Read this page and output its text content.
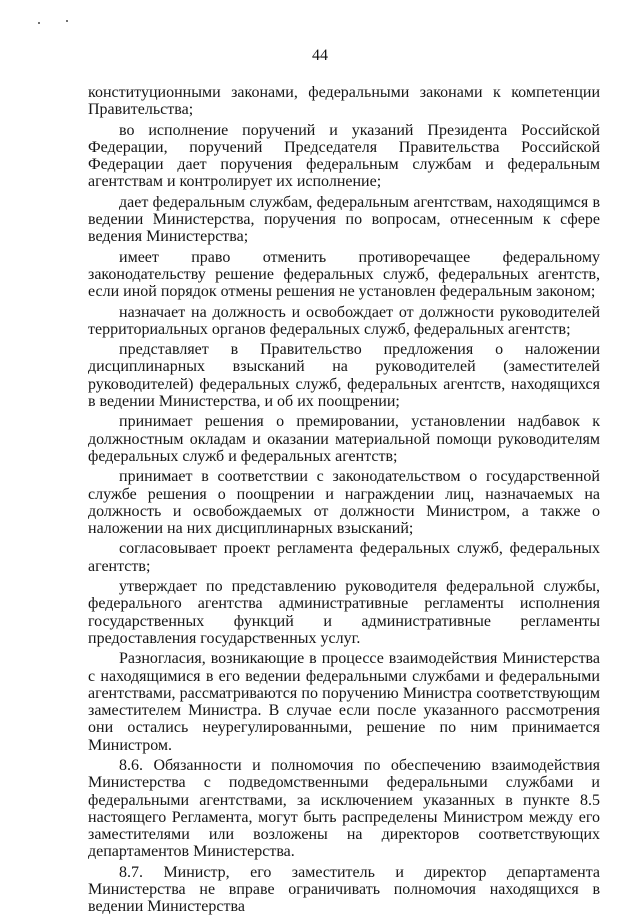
44

конституционными законами, федеральными законами к компетенции Правительства;

во исполнение поручений и указаний Президента Российской Федерации, поручений Председателя Правительства Российской Федерации дает поручения федеральным службам и федеральным агентствам и контролирует их исполнение;

дает федеральным службам, федеральным агентствам, находящимся в ведении Министерства, поручения по вопросам, отнесенным к сфере ведения Министерства;

имеет право отменить противоречащее федеральному законодательству решение федеральных служб, федеральных агентств, если иной порядок отмены решения не установлен федеральным законом;

назначает на должность и освобождает от должности руководителей территориальных органов федеральных служб, федеральных агентств;

представляет в Правительство предложения о наложении дисциплинарных взысканий на руководителей (заместителей руководителей) федеральных служб, федеральных агентств, находящихся в ведении Министерства, и об их поощрении;

принимает решения о премировании, установлении надбавок к должностным окладам и оказании материальной помощи руководителям федеральных служб и федеральных агентств;

принимает в соответствии с законодательством о государственной службе решения о поощрении и награждении лиц, назначаемых на должность и освобождаемых от должности Министром, а также о наложении на них дисциплинарных взысканий;

согласовывает проект регламента федеральных служб, федеральных агентств;

утверждает по представлению руководителя федеральной службы, федерального агентства административные регламенты исполнения государственных функций и административные регламенты предоставления государственных услуг.

Разногласия, возникающие в процессе взаимодействия Министерства с находящимися в его ведении федеральными службами и федеральными агентствами, рассматриваются по поручению Министра соответствующим заместителем Министра. В случае если после указанного рассмотрения они остались неурегулированными, решение по ним принимается Министром.

8.6. Обязанности и полномочия по обеспечению взаимодействия Министерства с подведомственными федеральными службами и федеральными агентствами, за исключением указанных в пункте 8.5 настоящего Регламента, могут быть распределены Министром между его заместителями или возложены на директоров соответствующих департаментов Министерства.

8.7. Министр, его заместитель и директор департамента Министерства не вправе ограничивать полномочия находящихся в ведении Министерства
